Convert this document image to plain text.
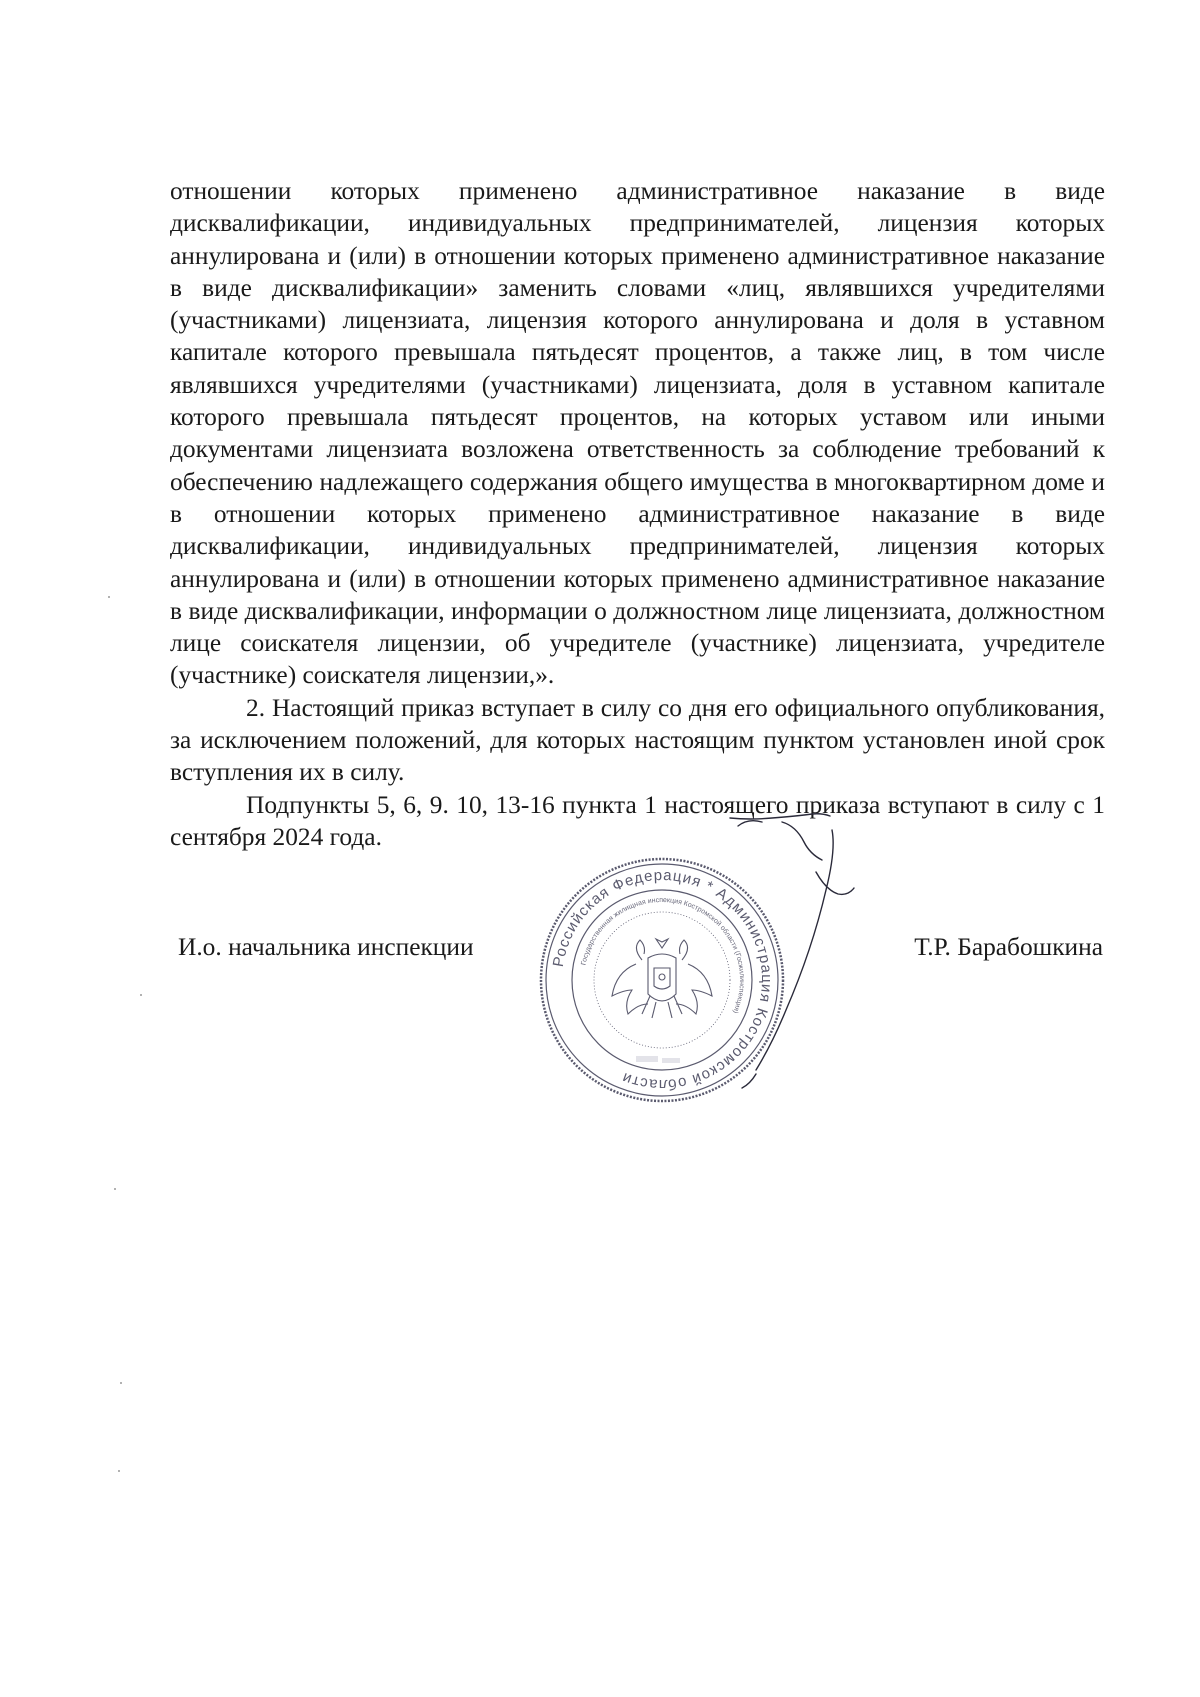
отношении которых применено административное наказание в виде дисквалификации, индивидуальных предпринимателей, лицензия которых аннулирована и (или) в отношении которых применено административное наказание в виде дисквалификации» заменить словами «лиц, являвшихся учредителями (участниками) лицензиата, лицензия которого аннулирована и доля в уставном капитале которого превышала пятьдесят процентов, а также лиц, в том числе являвшихся учредителями (участниками) лицензиата, доля в уставном капитале которого превышала пятьдесят процентов, на которых уставом или иными документами лицензиата возложена ответственность за соблюдение требований к обеспечению надлежащего содержания общего имущества в многоквартирном доме и в отношении которых применено административное наказание в виде дисквалификации, индивидуальных предпринимателей, лицензия которых аннулирована и (или) в отношении которых применено административное наказание в виде дисквалификации, информации о должностном лице лицензиата, должностном лице соискателя лицензии, об учредителе (участнике) лицензиата, учредителе (участнике) соискателя лицензии,».

2. Настоящий приказ вступает в силу со дня его официального опубликования, за исключением положений, для которых настоящим пунктом установлен иной срок вступления их в силу.

Подпункты 5, 6, 9. 10, 13-16 пункта 1 настоящего приказа вступают в силу с 1 сентября 2024 года.

И.о. начальника инспекции	Т.Р. Барабошкина
Российская Федерация * Администрация Костромской области
Государственная жилищная инспекция Костромской области (Госжилинспекция)
